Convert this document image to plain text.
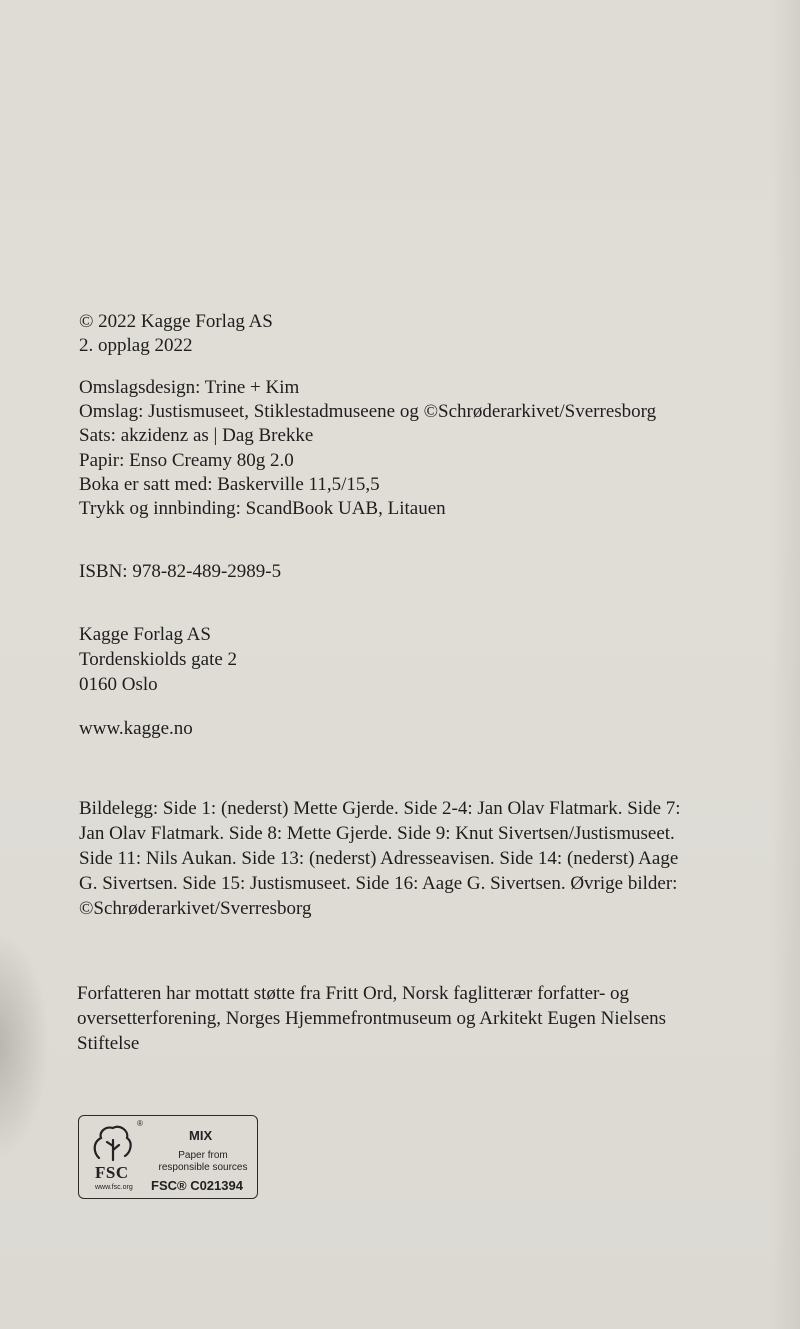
© 2022 Kagge Forlag AS
2. opplag 2022
Omslagsdesign: Trine + Kim
Omslag: Justismuseet, Stiklestadmuseene og ©Schrøderarkivet/Sverresborg
Sats: akzidenz as | Dag Brekke
Papir: Enso Creamy 80g 2.0
Boka er satt med: Baskerville 11,5/15,5
Trykk og innbinding: ScandBook UAB, Litauen
ISBN: 978-82-489-2989-5
Kagge Forlag AS
Tordenskiolds gate 2
0160 Oslo
www.kagge.no
Bildelegg: Side 1: (nederst) Mette Gjerde. Side 2-4: Jan Olav Flatmark. Side 7:
Jan Olav Flatmark. Side 8: Mette Gjerde. Side 9: Knut Sivertsen/Justismuseet.
Side 11: Nils Aukan. Side 13: (nederst) Adresseavisen. Side 14: (nederst) Aage
G. Sivertsen. Side 15: Justismuseet. Side 16: Aage G. Sivertsen. Øvrige bilder:
©Schrøderarkivet/Sverresborg
Forfatteren har mottatt støtte fra Fritt Ord, Norsk faglitterær forfatter- og
oversetterforening, Norges Hjemmefrontmuseum og Arkitekt Eugen Nielsens
Stiftelse
®
FSC
www.fsc.org
MIX
Paper from
responsible sources
FSC® C021394
